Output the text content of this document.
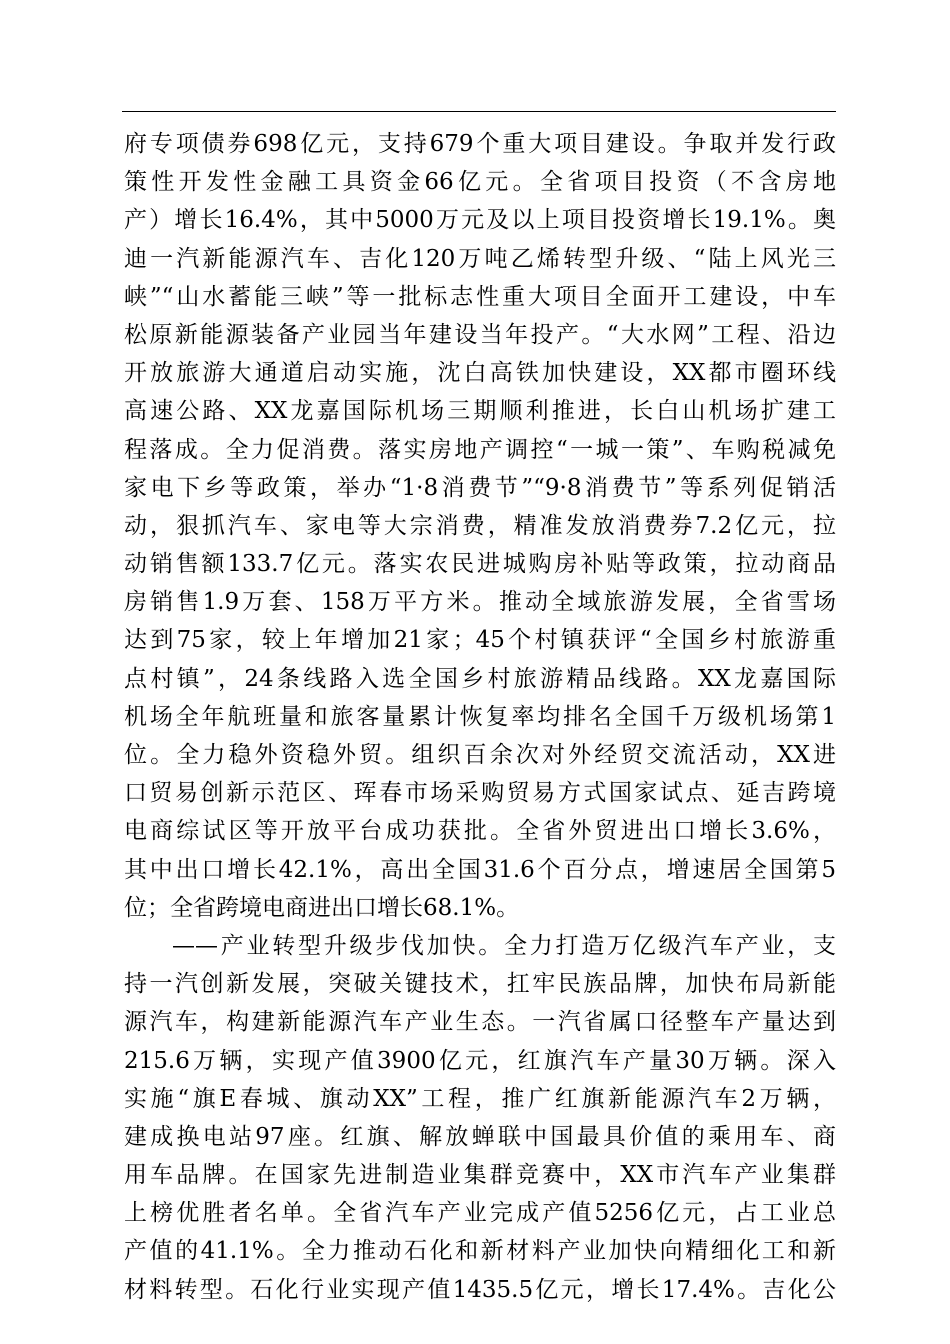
府专项债券698亿元，支持679个重大项目建设。争取并发行政
策性开发性金融工具资金66亿元。全省项目投资（不含房地
产）增长16.4%，其中5000万元及以上项目投资增长19.1%。奥
迪一汽新能源汽车、吉化120万吨乙烯转型升级、“陆上风光三
峡”“山水蓄能三峡”等一批标志性重大项目全面开工建设，中车
松原新能源装备产业园当年建设当年投产。“大水网”工程、沿边
开放旅游大通道启动实施，沈白高铁加快建设，XX都市圈环线
高速公路、XX龙嘉国际机场三期顺利推进，长白山机场扩建工
程落成。全力促消费。落实房地产调控“一城一策”、车购税减免
家电下乡等政策，举办“1·8消费节”“9·8消费节”等系列促销活
动，狠抓汽车、家电等大宗消费，精准发放消费券7.2亿元，拉
动销售额133.7亿元。落实农民进城购房补贴等政策，拉动商品
房销售1.9万套、158万平方米。推动全域旅游发展，全省雪场
达到75家，较上年增加21家；45个村镇获评“全国乡村旅游重
点村镇”，24条线路入选全国乡村旅游精品线路。XX龙嘉国际
机场全年航班量和旅客量累计恢复率均排名全国千万级机场第1
位。全力稳外资稳外贸。组织百余次对外经贸交流活动，XX进
口贸易创新示范区、珲春市场采购贸易方式国家试点、延吉跨境
电商综试区等开放平台成功获批。全省外贸进出口增长3.6%，
其中出口增长42.1%，高出全国31.6个百分点，增速居全国第5
位；全省跨境电商进出口增长68.1%。
——产业转型升级步伐加快。全力打造万亿级汽车产业，支
持一汽创新发展，突破关键技术，扛牢民族品牌，加快布局新能
源汽车，构建新能源汽车产业生态。一汽省属口径整车产量达到
215.6万辆，实现产值3900亿元，红旗汽车产量30万辆。深入
实施“旗E春城、旗动XX”工程，推广红旗新能源汽车2万辆，
建成换电站97座。红旗、解放蝉联中国最具价值的乘用车、商
用车品牌。在国家先进制造业集群竞赛中，XX市汽车产业集群
上榜优胜者名单。全省汽车产业完成产值5256亿元，占工业总
产值的41.1%。全力推动石化和新材料产业加快向精细化工和新
材料转型。石化行业实现产值1435.5亿元，增长17.4%。吉化公
